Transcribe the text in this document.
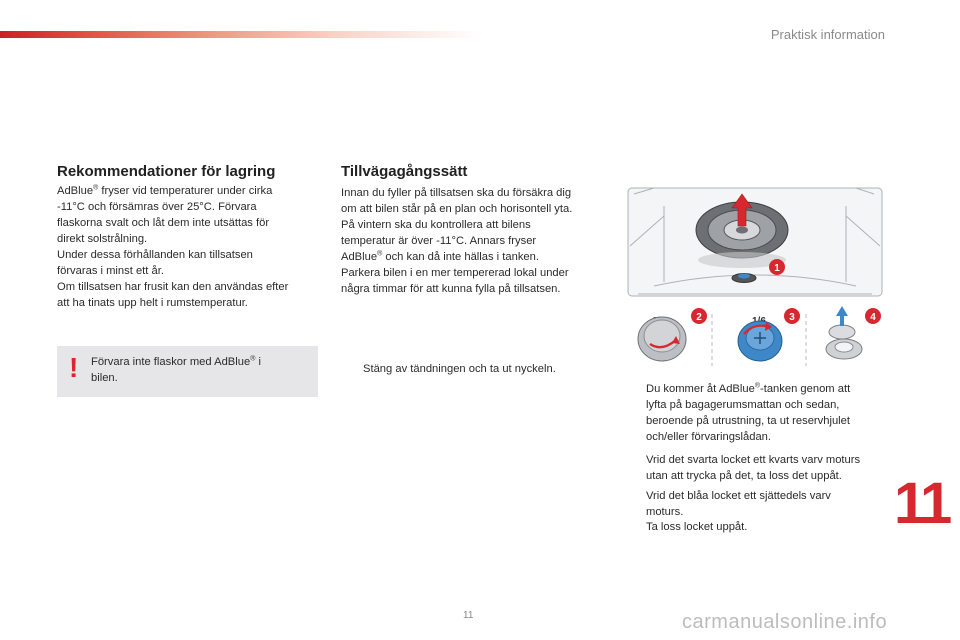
Praktisk information
Rekommendationer för lagring
AdBlue® fryser vid temperaturer under cirka
-11°C och försämras över 25°C. Förvara
flaskorna svalt och låt dem inte utsättas för
direkt solstrålning.
Under dessa förhållanden kan tillsatsen
förvaras i minst ett år.
Om tillsatsen har frusit kan den användas efter
att ha tinats upp helt i rumstemperatur.
! Förvara inte flaskor med AdBlue® i
bilen.
Tillvägagångssätt
Innan du fyller på tillsatsen ska du försäkra dig
om att bilen står på en plan och horisontell yta.
På vintern ska du kontrollera att bilens
temperatur är över -11°C. Annars fryser
AdBlue® och kan då inte hällas i tanken.
Parkera bilen i en mer tempererad lokal under
några timmar för att kunna fylla på tillsatsen.
Stäng av tändningen och ta ut nyckeln.
1
2	3	4
Du kommer åt AdBlue®-tanken genom att
lyfta på bagagerumsmattan och sedan,
beroende på utrustning, ta ut reservhjulet
och/eller förvaringslådan.
Vrid det svarta locket ett kvarts varv moturs
utan att trycka på det, ta loss det uppåt.
Vrid det blåa locket ett sjättedels varv
moturs.
Ta loss locket uppåt.	11
11	carmanualsonline.info
